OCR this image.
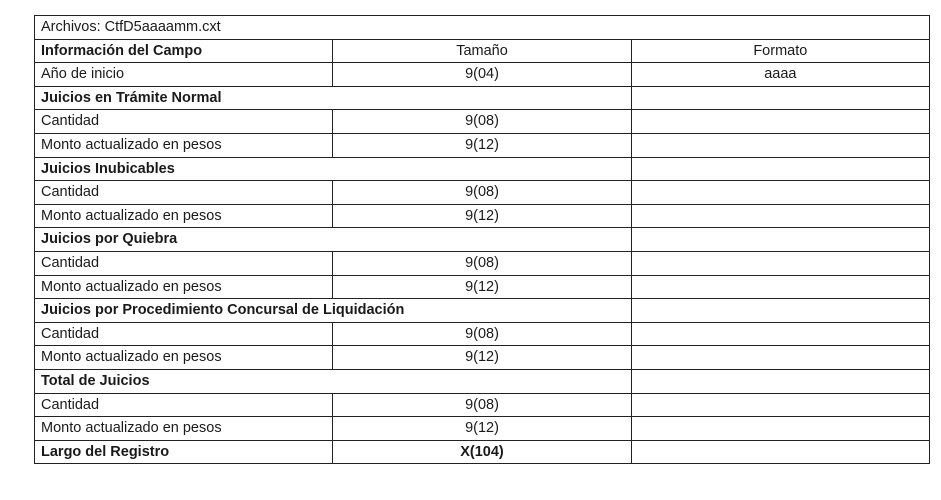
Archivos: CtfD5aaaamm.cxt		
Información del Campo	Tamaño	Formato
Año de inicio	9(04)	aaaa
Juicios en Trámite Normal		
Cantidad	9(08)	
Monto actualizado en pesos	9(12)	
Juicios Inubicables		
Cantidad	9(08)	
Monto actualizado en pesos	9(12)	
Juicios por Quiebra		
Cantidad	9(08)	
Monto actualizado en pesos	9(12)	
Juicios por Procedimiento Concursal de Liquidación		
Cantidad	9(08)	
Monto actualizado en pesos	9(12)	
Total de Juicios		
Cantidad	9(08)	
Monto actualizado en pesos	9(12)	
Largo del Registro	X(104)	
